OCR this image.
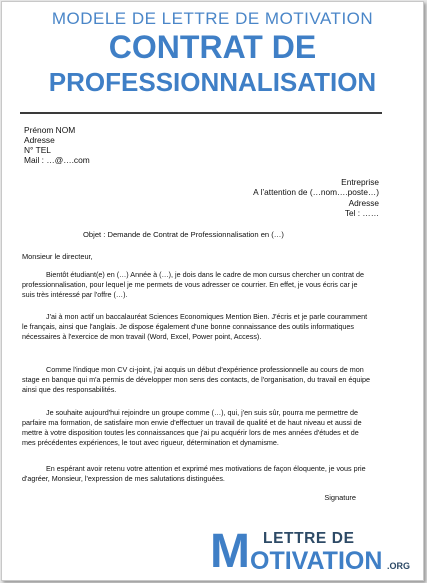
MODELE DE LETTRE DE MOTIVATION
CONTRAT DE
PROFESSIONNALISATION
Prénom NOM
Adresse
N° TEL
Mail : …@….com
Entreprise
A l’attention de (…nom….poste…)
Adresse
Tel : ……
Objet : Demande de Contrat de Professionnalisation en (…)
Monsieur le directeur,
Bientôt étudiant(e) en (…) Année à (…), je dois dans le cadre de mon cursus chercher un contrat de professionnalisation, pour lequel je me permets de vous adresser ce courrier. En effet, je vous écris car je suis très intéressé par l'offre (…).
J'ai à mon actif un baccalauréat Sciences Economiques Mention Bien. J'écris et je parle couramment le français, ainsi que l'anglais. Je dispose également d'une bonne connaissance des outils informatiques nécessaires à l'exercice de mon travail (Word, Excel, Power point, Access).
Comme l'indique mon CV ci-joint, j'ai acquis un début d'expérience professionnelle au cours de mon stage en banque qui m'a permis de développer mon sens des contacts, de l'organisation, du travail en équipe ainsi que des responsabilités.
Je souhaite aujourd'hui rejoindre un groupe comme (…), qui, j'en suis sûr, pourra me permettre de parfaire ma formation, de satisfaire mon envie d'effectuer un travail de qualité et de haut niveau et aussi de mettre à votre disposition toutes les connaissances que j'ai pu acquérir lors de mes années d'études et de mes précédentes expériences, le tout avec rigueur, détermination et dynamisme.
En espérant avoir retenu votre attention et exprimé mes motivations de façon éloquente, je vous prie d'agréer, Monsieur, l'expression de mes salutations distinguées.
Signature
LETTRE DE
M OTIVATION .ORG
